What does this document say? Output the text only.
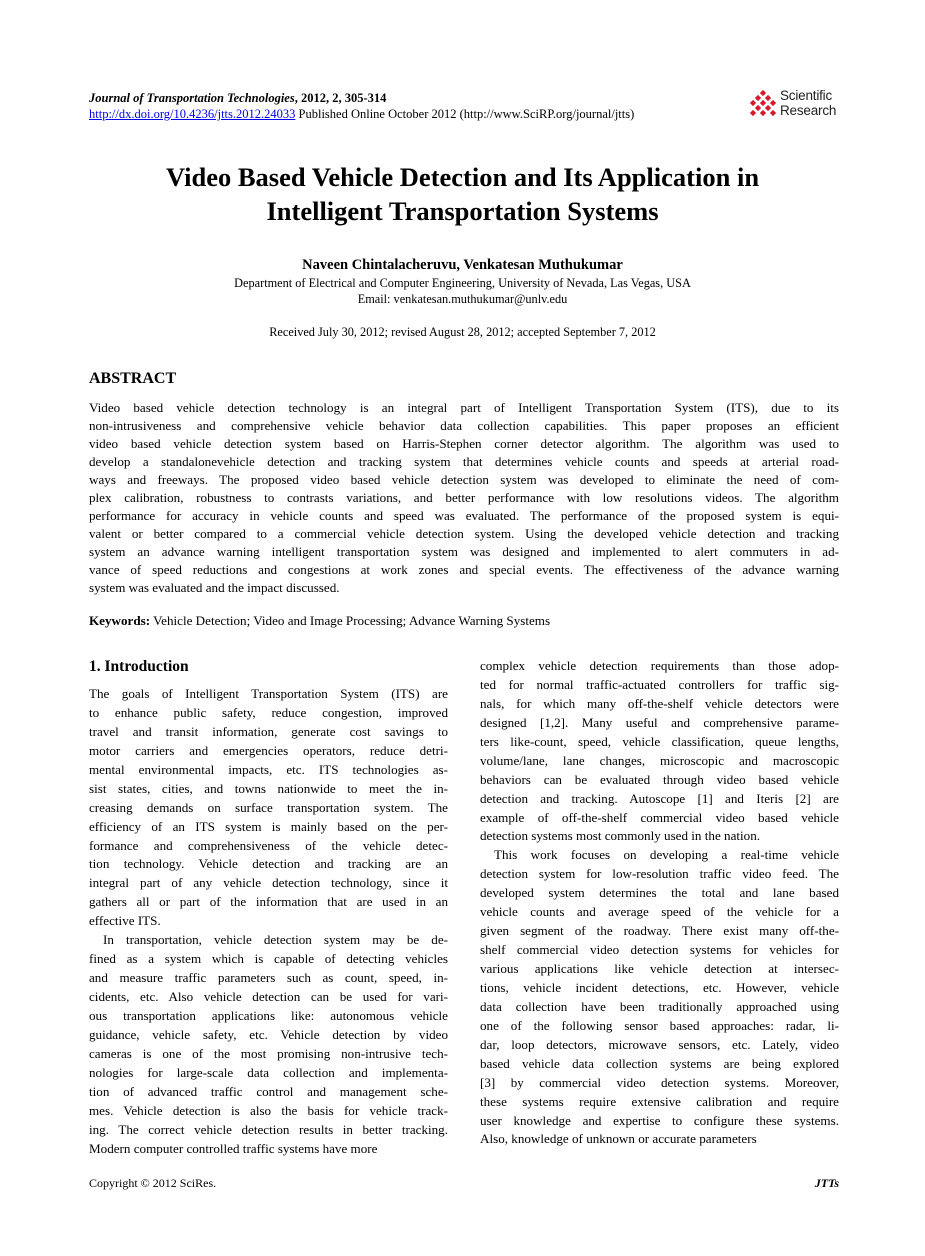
Journal of Transportation Technologies, 2012, 2, 305-314
http://dx.doi.org/10.4236/jtts.2012.24033 Published Online October 2012 (http://www.SciRP.org/journal/jtts)
Scientific
Research
Video Based Vehicle Detection and Its Application in
Intelligent Transportation Systems
Naveen Chintalacheruvu, Venkatesan Muthukumar
Department of Electrical and Computer Engineering, University of Nevada, Las Vegas, USA
Email: venkatesan.muthukumar@unlv.edu
Received July 30, 2012; revised August 28, 2012; accepted September 7, 2012
ABSTRACT
Video based vehicle detection technology is an integral part of Intelligent Transportation System (ITS), due to its
non-intrusiveness and comprehensive vehicle behavior data collection capabilities. This paper proposes an efficient
video based vehicle detection system based on Harris-Stephen corner detector algorithm. The algorithm was used to
develop a standalonevehicle detection and tracking system that determines vehicle counts and speeds at arterial road-
ways and freeways. The proposed video based vehicle detection system was developed to eliminate the need of com-
plex calibration, robustness to contrasts variations, and better performance with low resolutions videos. The algorithm
performance for accuracy in vehicle counts and speed was evaluated. The performance of the proposed system is equi-
valent or better compared to a commercial vehicle detection system. Using the developed vehicle detection and tracking
system an advance warning intelligent transportation system was designed and implemented to alert commuters in ad-
vance of speed reductions and congestions at work zones and special events. The effectiveness of the advance warning
system was evaluated and the impact discussed.
Keywords: Vehicle Detection; Video and Image Processing; Advance Warning Systems
1. Introduction
The goals of Intelligent Transportation System (ITS) are
to enhance public safety, reduce congestion, improved
travel and transit information, generate cost savings to
motor carriers and emergencies operators, reduce detri-
mental environmental impacts, etc. ITS technologies as-
sist states, cities, and towns nationwide to meet the in-
creasing demands on surface transportation system. The
efficiency of an ITS system is mainly based on the per-
formance and comprehensiveness of the vehicle detec-
tion technology. Vehicle detection and tracking are an
integral part of any vehicle detection technology, since it
gathers all or part of the information that are used in an
effective ITS.
In transportation, vehicle detection system may be de-
fined as a system which is capable of detecting vehicles
and measure traffic parameters such as count, speed, in-
cidents, etc. Also vehicle detection can be used for vari-
ous transportation applications like: autonomous vehicle
guidance, vehicle safety, etc. Vehicle detection by video
cameras is one of the most promising non-intrusive tech-
nologies for large-scale data collection and implementa-
tion of advanced traffic control and management sche-
mes. Vehicle detection is also the basis for vehicle track-
ing. The correct vehicle detection results in better tracking.
Modern computer controlled traffic systems have more
complex vehicle detection requirements than those adop-
ted for normal traffic-actuated controllers for traffic sig-
nals, for which many off-the-shelf vehicle detectors were
designed [1,2]. Many useful and comprehensive parame-
ters like-count, speed, vehicle classification, queue lengths,
volume/lane, lane changes, microscopic and macroscopic
behaviors can be evaluated through video based vehicle
detection and tracking. Autoscope [1] and Iteris [2] are
example of off-the-shelf commercial video based vehicle
detection systems most commonly used in the nation.
This work focuses on developing a real-time vehicle
detection system for low-resolution traffic video feed. The
developed system determines the total and lane based
vehicle counts and average speed of the vehicle for a
given segment of the roadway. There exist many off-the-
shelf commercial video detection systems for vehicles for
various applications like vehicle detection at intersec-
tions, vehicle incident detections, etc. However, vehicle
data collection have been traditionally approached using
one of the following sensor based approaches: radar, li-
dar, loop detectors, microwave sensors, etc. Lately, video
based vehicle data collection systems are being explored
[3] by commercial video detection systems. Moreover,
these systems require extensive calibration and require
user knowledge and expertise to configure these systems.
Also, knowledge of unknown or accurate parameters
Copyright © 2012 SciRes.	JTTs
